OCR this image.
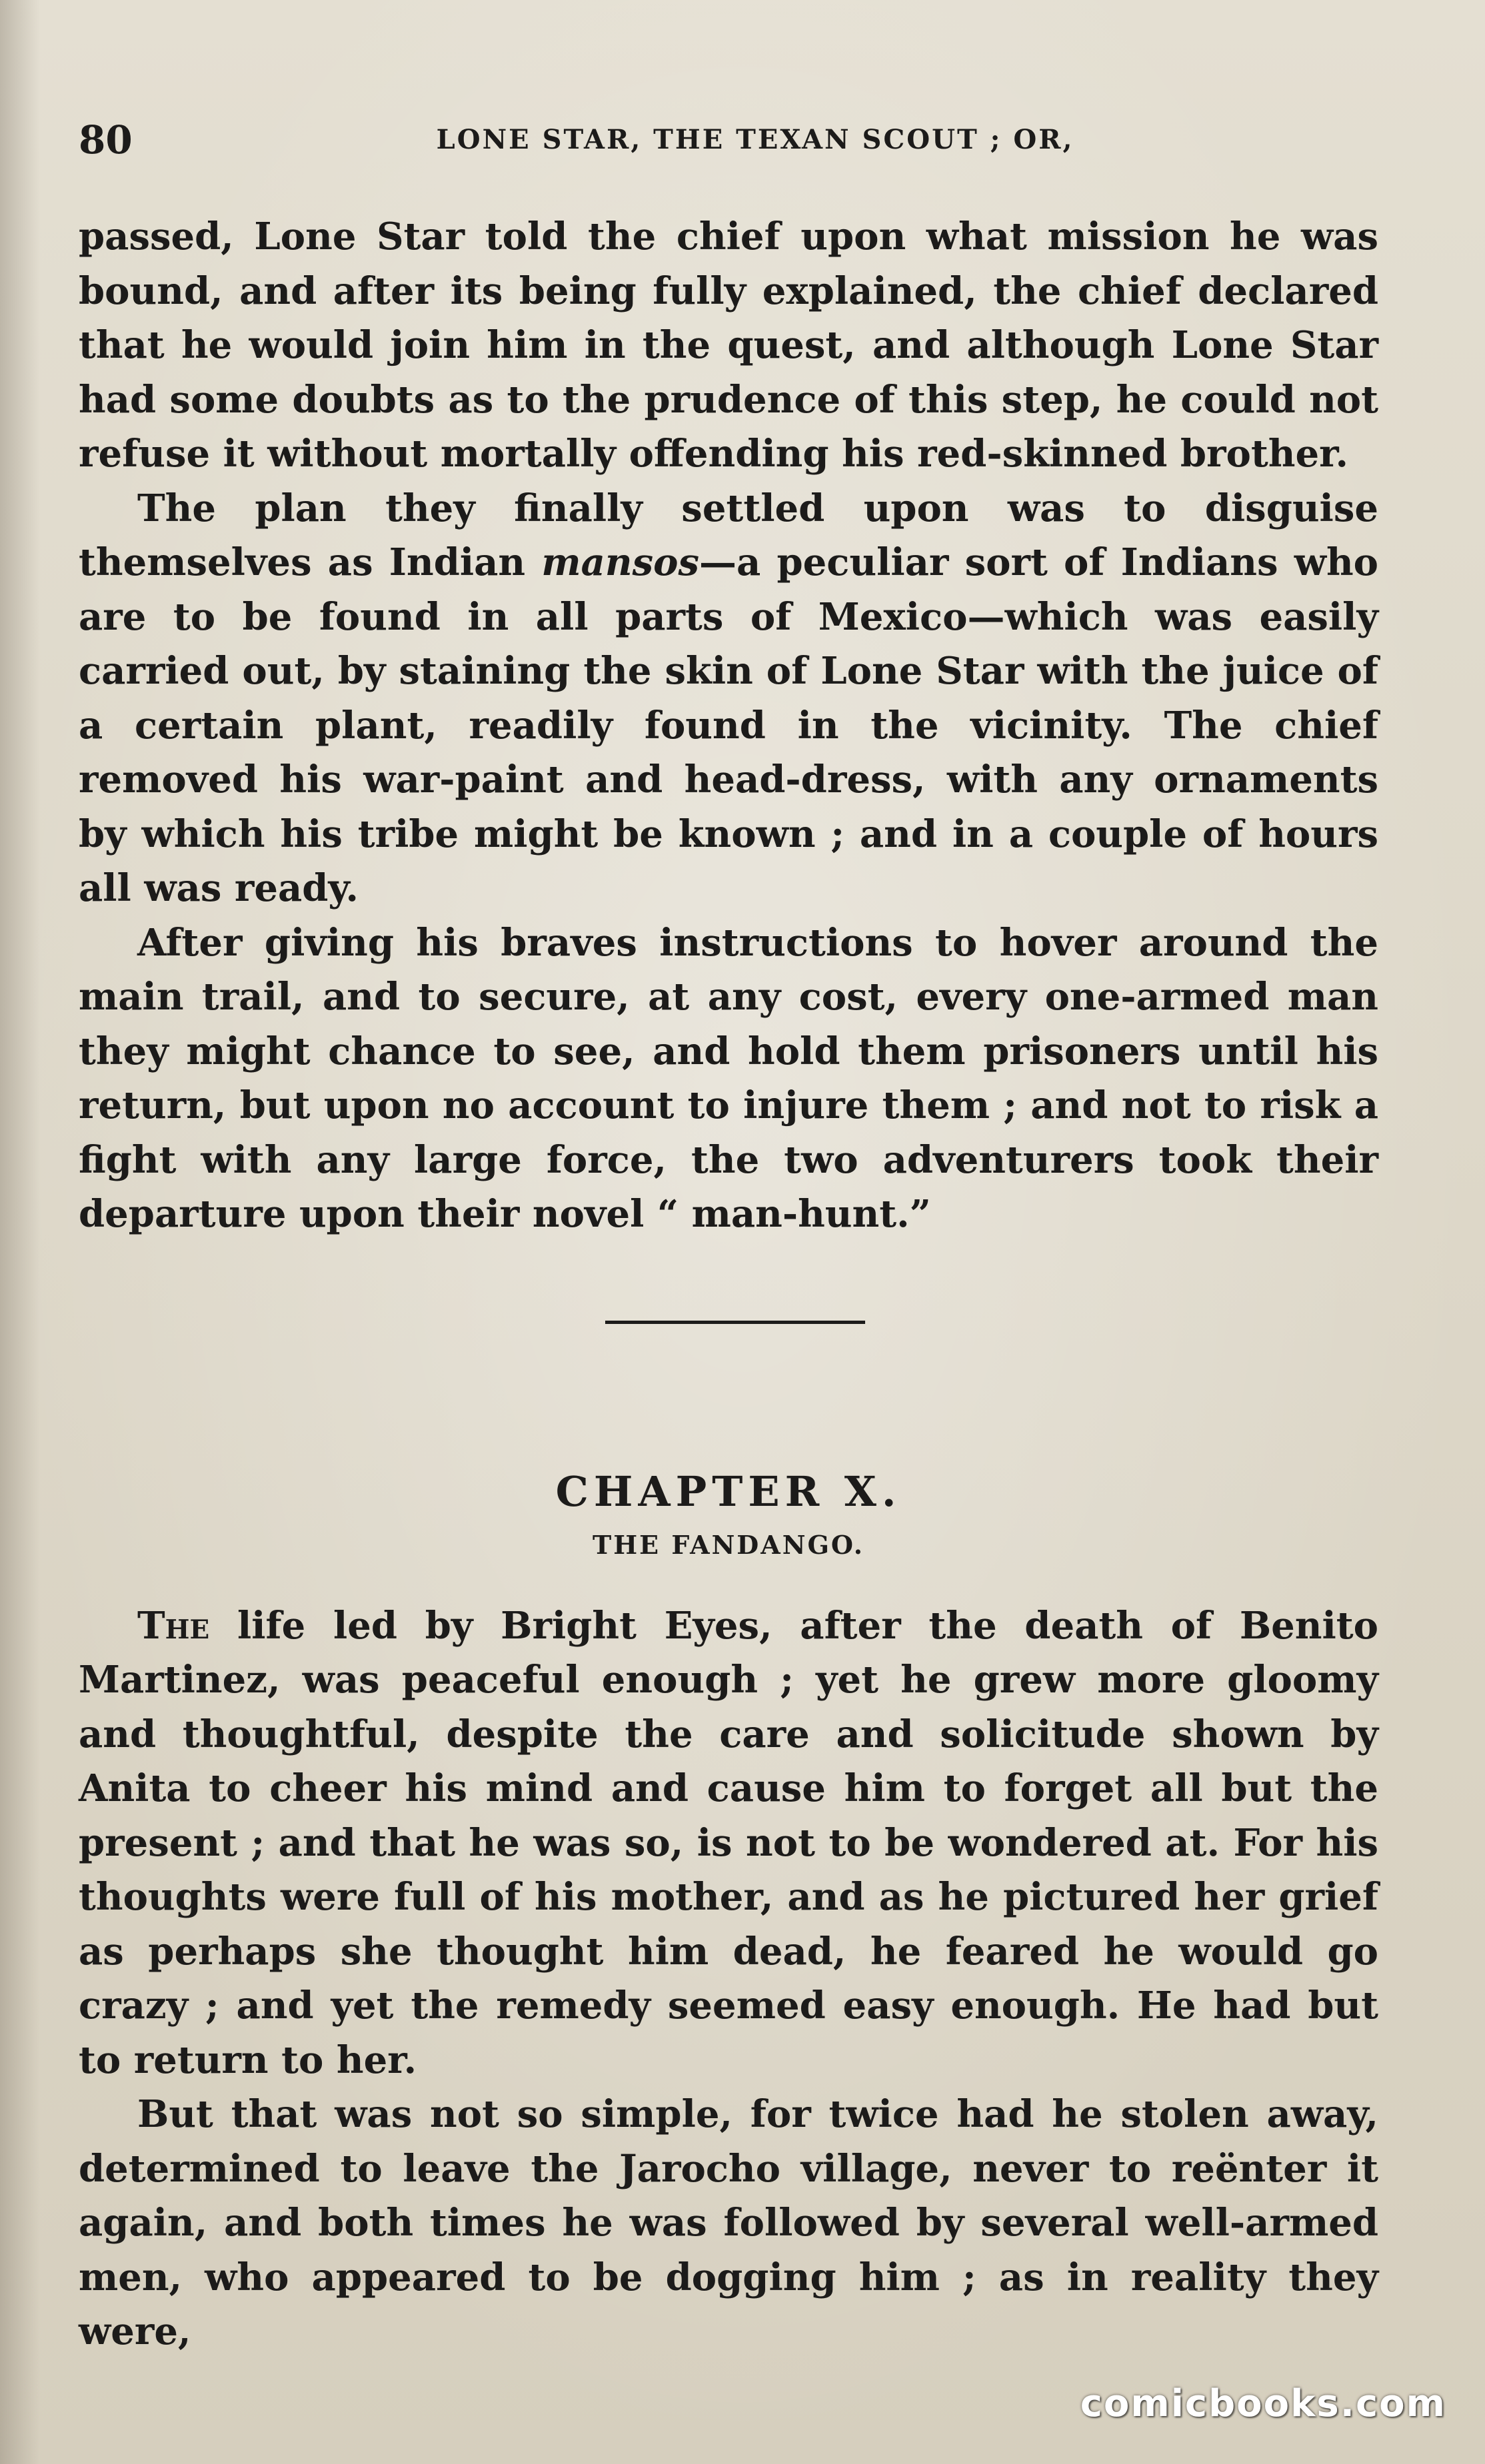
80	LONE STAR, THE TEXAN SCOUT ; OR,

passed, Lone Star told the chief upon what mission he was bound, and after its being fully explained, the chief declared that he would join him in the quest, and although Lone Star had some doubts as to the prudence of this step, he could not refuse it without mortally offending his red-skinned brother.

The plan they finally settled upon was to disguise themselves as Indian mansos—a peculiar sort of Indians who are to be found in all parts of Mexico—which was easily carried out, by staining the skin of Lone Star with the juice of a certain plant, readily found in the vicinity. The chief removed his war-paint and head-dress, with any ornaments by which his tribe might be known ; and in a couple of hours all was ready.

After giving his braves instructions to hover around the main trail, and to secure, at any cost, every one-armed man they might chance to see, and hold them prisoners until his return, but upon no account to injure them ; and not to risk a fight with any large force, the two adventurers took their departure upon their novel “ man-hunt.”

CHAPTER X.
THE FANDANGO.

The life led by Bright Eyes, after the death of Benito Martinez, was peaceful enough ; yet he grew more gloomy and thoughtful, despite the care and solicitude shown by Anita to cheer his mind and cause him to forget all but the present ; and that he was so, is not to be wondered at. For his thoughts were full of his mother, and as he pictured her grief as perhaps she thought him dead, he feared he would go crazy ; and yet the remedy seemed easy enough. He had but to return to her.

But that was not so simple, for twice had he stolen away, determined to leave the Jarocho village, never to reënter it again, and both times he was followed by several well-armed men, who appeared to be dogging him ; as in reality they were,

comicbooks.com
